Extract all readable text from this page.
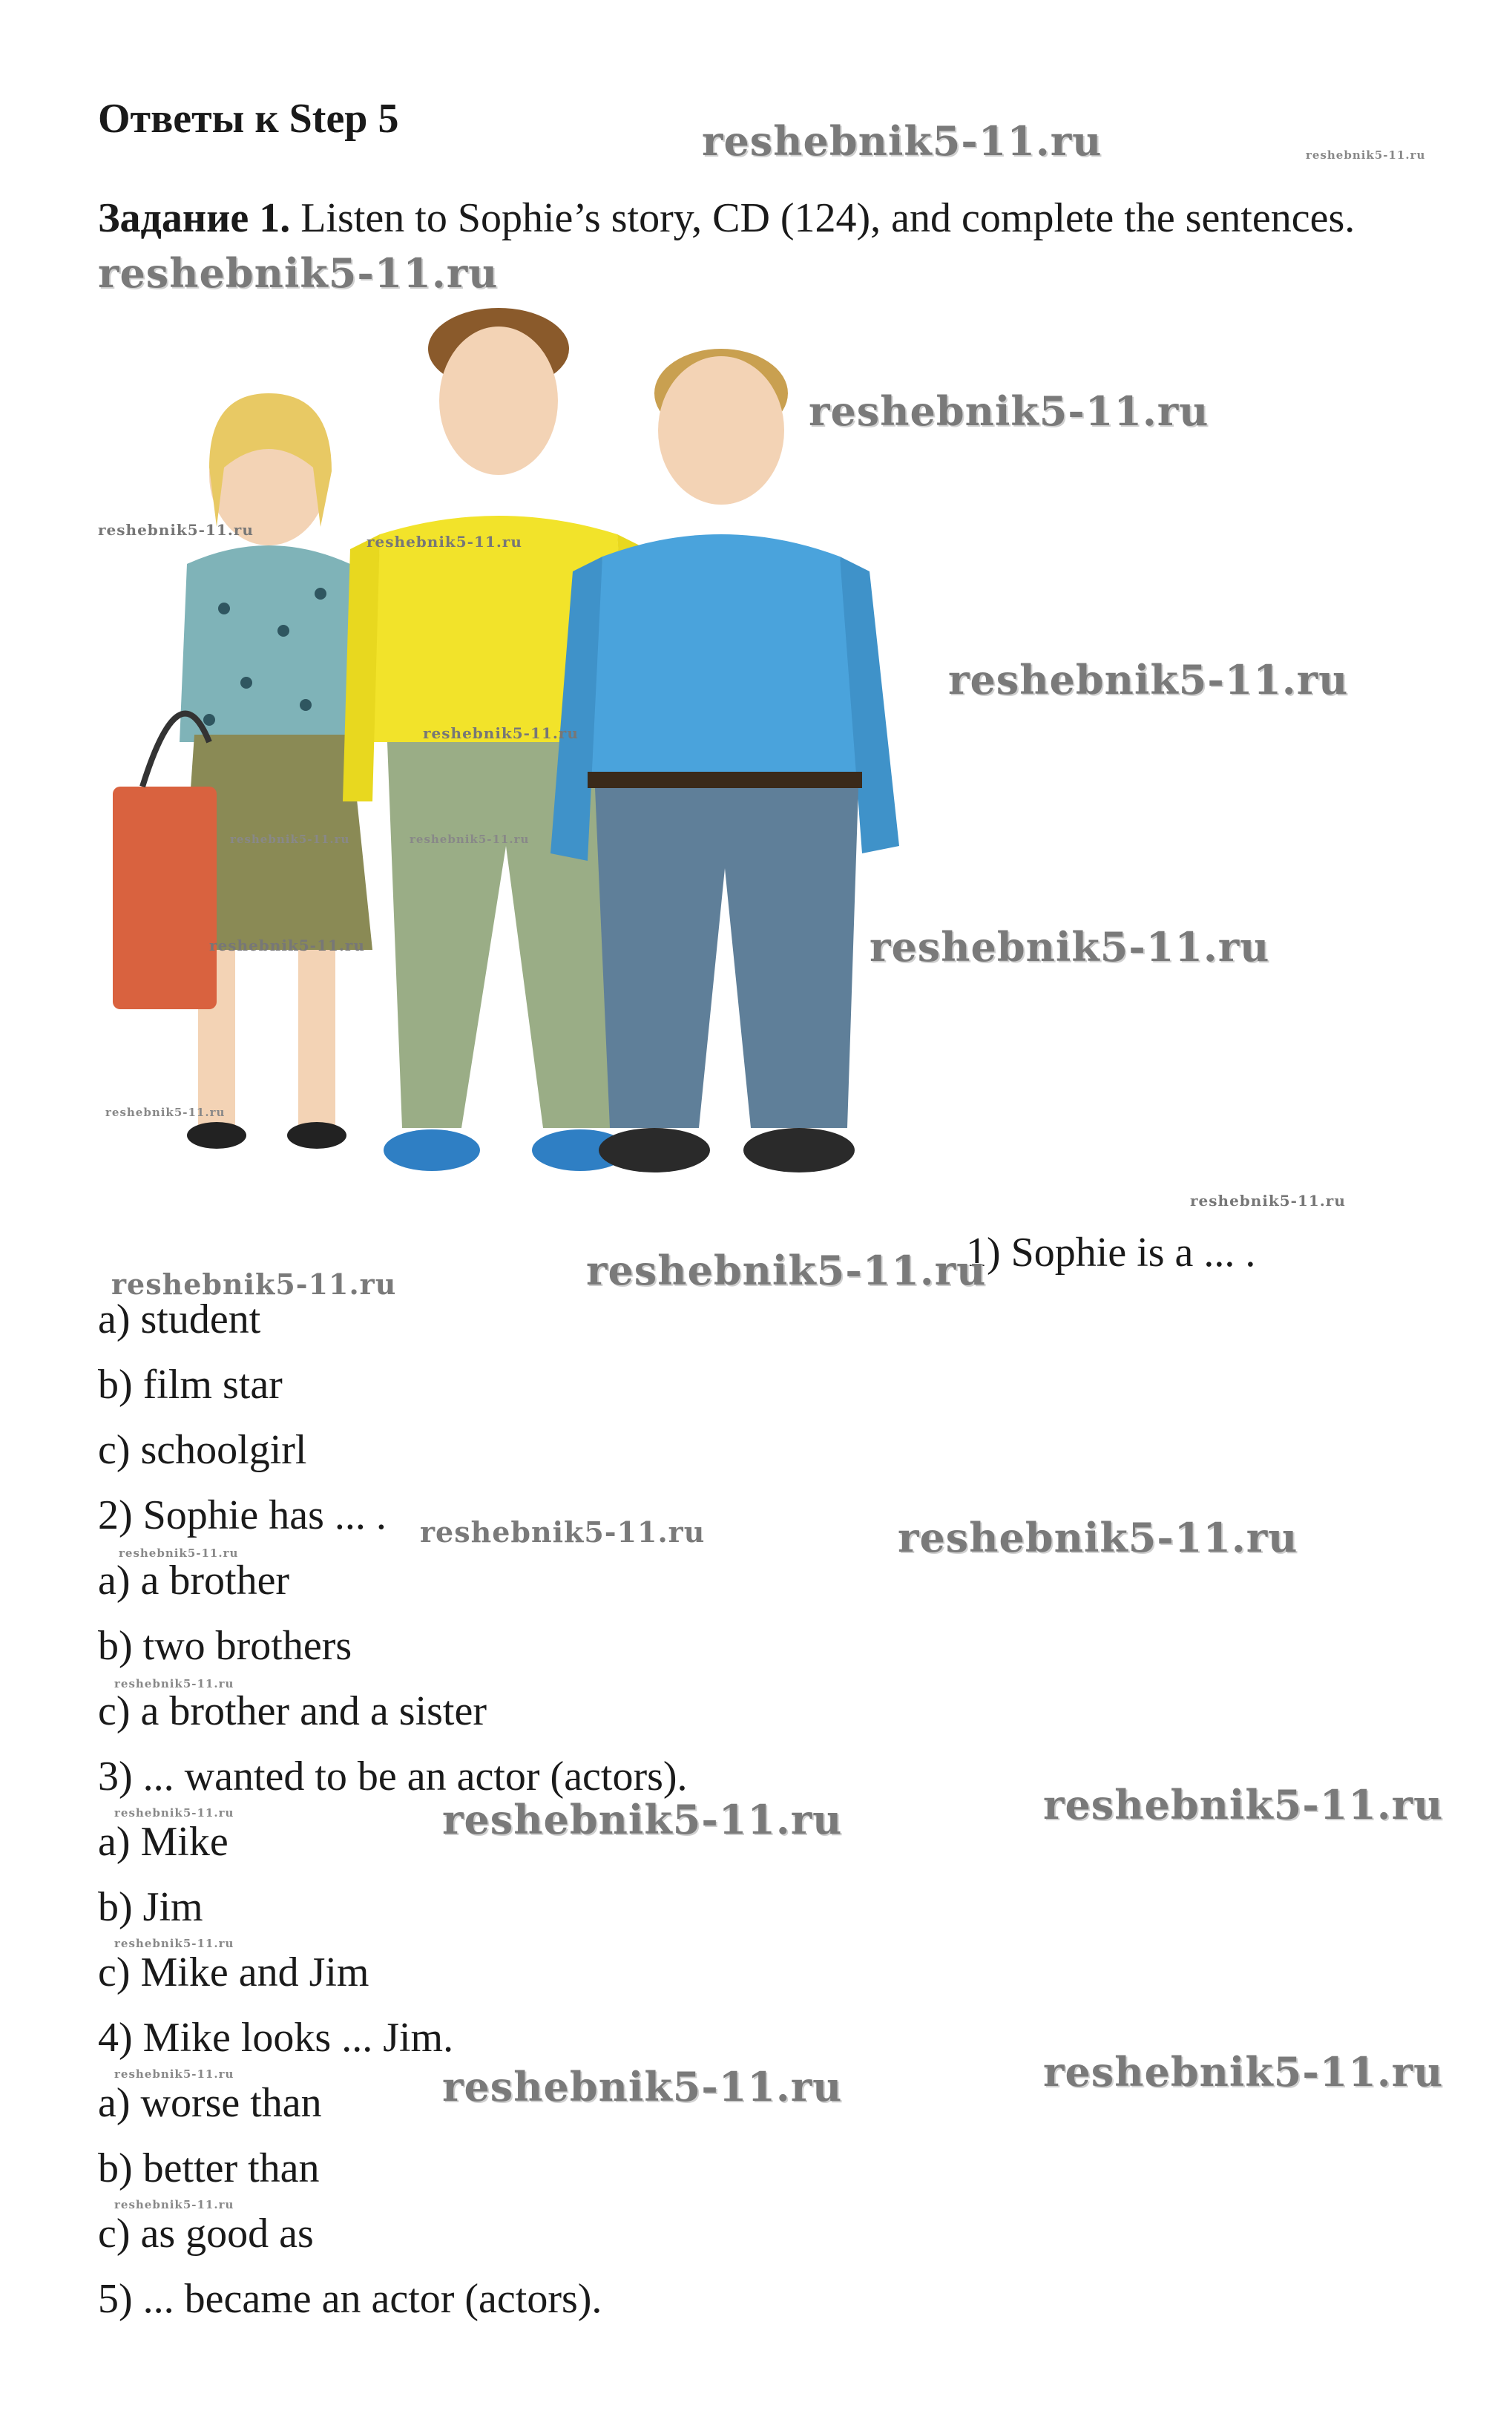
Ответы к Step 5
Задание 1. Listen to Sophie’s story, CD (124), and complete the sentences.
1) Sophie is a ... .
a) student
b) film star
c) schoolgirl
2) Sophie has ... .
a) a brother
b) two brothers
c) a brother and a sister
3) ... wanted to be an actor (actors).
a) Mike
b) Jim
c) Mike and Jim
4) Mike looks ... Jim.
a) worse than
b) better than
c) as good as
5) ... became an actor (actors).
reshebnik5-11.ru	reshebnik5-11.ru
reshebnik5-11.ru
reshebnik5-11.ru
reshebnik5-11.ru
reshebnik5-11.ru
reshebnik5-11.ru
reshebnik5-11.ru
reshebnik5-11.ru	reshebnik5-11.ru
reshebnik5-11.ru
reshebnik5-11.ru
reshebnik5-11.ru
reshebnik5-11.ru
reshebnik5-11.ru
reshebnik5-11.ru
reshebnik5-11.ru	reshebnik5-11.ru
reshebnik5-11.ru
reshebnik5-11.ru
reshebnik5-11.ru
reshebnik5-11.ru	reshebnik5-11.ru
reshebnik5-11.ru
reshebnik5-11.ru	reshebnik5-11.ru
reshebnik5-11.ru
reshebnik5-11.ru
